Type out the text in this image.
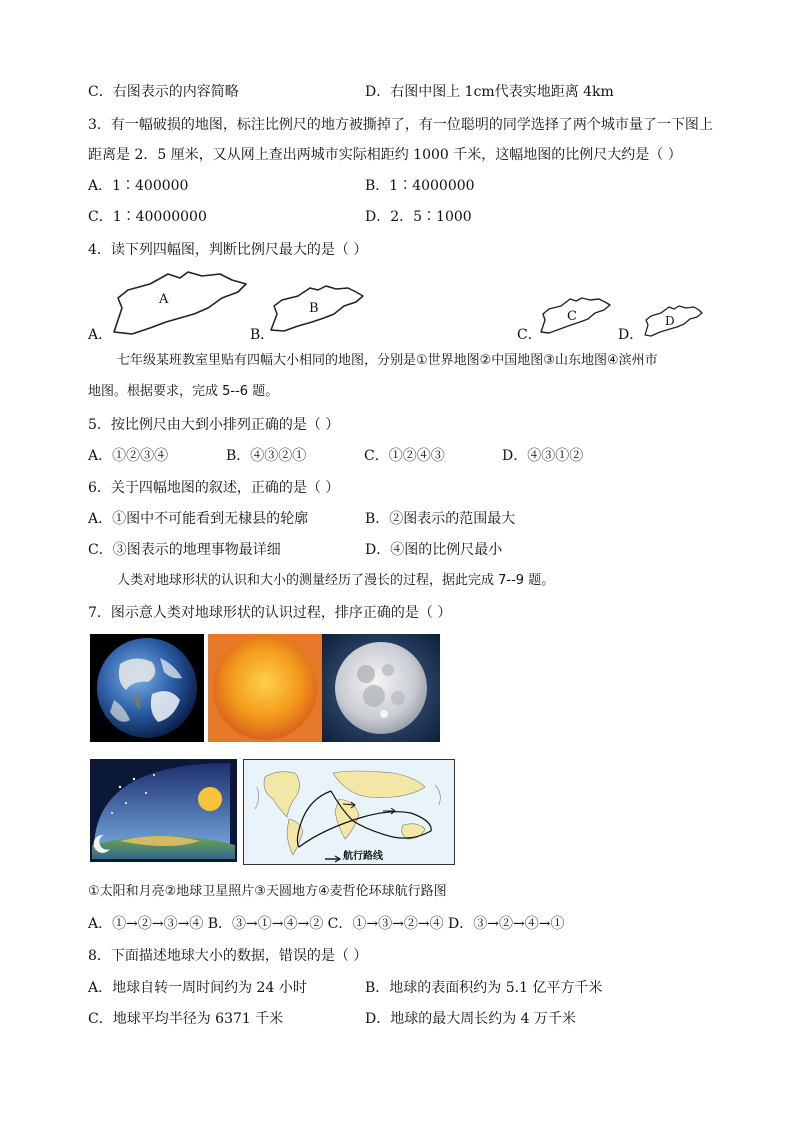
C．右图表示的内容简略	D．右图中图上 1cm代表实地距离 4km
3．有一幅破损的地图，标注比例尺的地方被撕掉了，有一位聪明的同学选择了两个城市量了一下图上
距离是 2．5 厘米，又从网上查出两城市实际相距约 1000 千米，这幅地图的比例尺大约是（ ）
A．1∶400000	B．1∶4000000
C．1∶40000000	D．2．5∶1000
4．读下列四幅图，判断比例尺最大的是（ ）
A．
A
B．
B
C．
C
D．
D
七年级某班教室里贴有四幅大小相同的地图，分别是①世界地图②中国地图③山东地图④滨州市
地图。根据要求，完成 5--6 题。
5．按比例尺由大到小排列正确的是（ ）
A．①②③④	B．④③②①	C．①②④③	D．④③①②
6．关于四幅地图的叙述，正确的是（ ）
A．①图中不可能看到无棣县的轮廓	B．②图表示的范围最大
C．③图表示的地理事物最详细	D．④图的比例尺最小
人类对地球形状的认识和大小的测量经历了漫长的过程，据此完成 7--9 题。
7．图示意人类对地球形状的认识过程，排序正确的是（ ）
航行路线
①太阳和月亮②地球卫星照片③天圆地方④麦哲伦环球航行路图
A．①→②→③→④ B．③→①→④→② C．①→③→②→④ D．③→②→④→①
8．下面描述地球大小的数据，错误的是（ ）
A．地球自转一周时间约为 24 小时	B．地球的表面积约为 5.1 亿平方千米
C．地球平均半径为 6371 千米	D．地球的最大周长约为 4 万千米
